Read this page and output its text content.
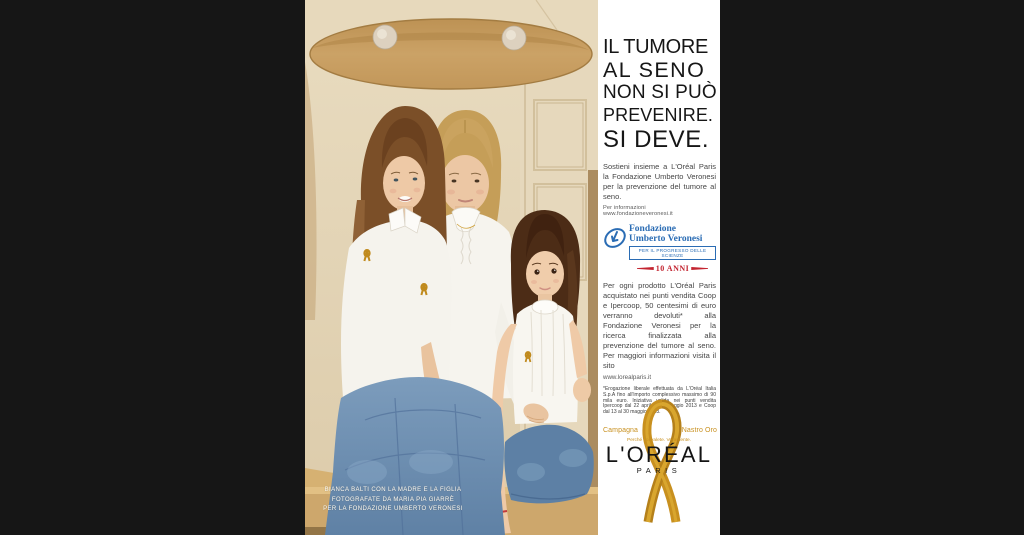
BIANCA BALTI CON LA MADRE E LA FIGLIA
FOTOGRAFATE DA MARIA PIA GIARRÈ
PER LA FONDAZIONE UMBERTO VERONESI
IL TUMORE
AL SENO
NON SI PUÒ
PREVENIRE.
SI DEVE.

Sostieni insieme a L'Oréal Paris la Fondazione Umberto Veronesi per la prevenzione del tumore al seno.

Per informazioni www.fondazioneveronesi.it

Fondazione
Umberto Veronesi
PER IL PROGRESSO DELLE SCIENZE
10 ANNI

Per ogni prodotto L'Oréal Paris acquistato nei punti vendita Coop e Ipercoop, 50 centesimi di euro verranno devoluti* alla Fondazione Veronesi per la ricerca finalizzata alla prevenzione del tumore al seno. Per maggiori informazioni visita il sito

www.lorealparis.it

*Erogazione liberale effettuata da L'Oréal Italia S.p.A fino all'importo complessivo massimo di 90 mila euro. Iniziativa valida nei punti vendita Ipercoop dal 22 aprile al 9 maggio 2013 e Coop dal 13 al 30 maggio 2013.

Campagna	Nastro Oro
Perché voi valete. Veramente.
L'ORÉAL
PARIS
